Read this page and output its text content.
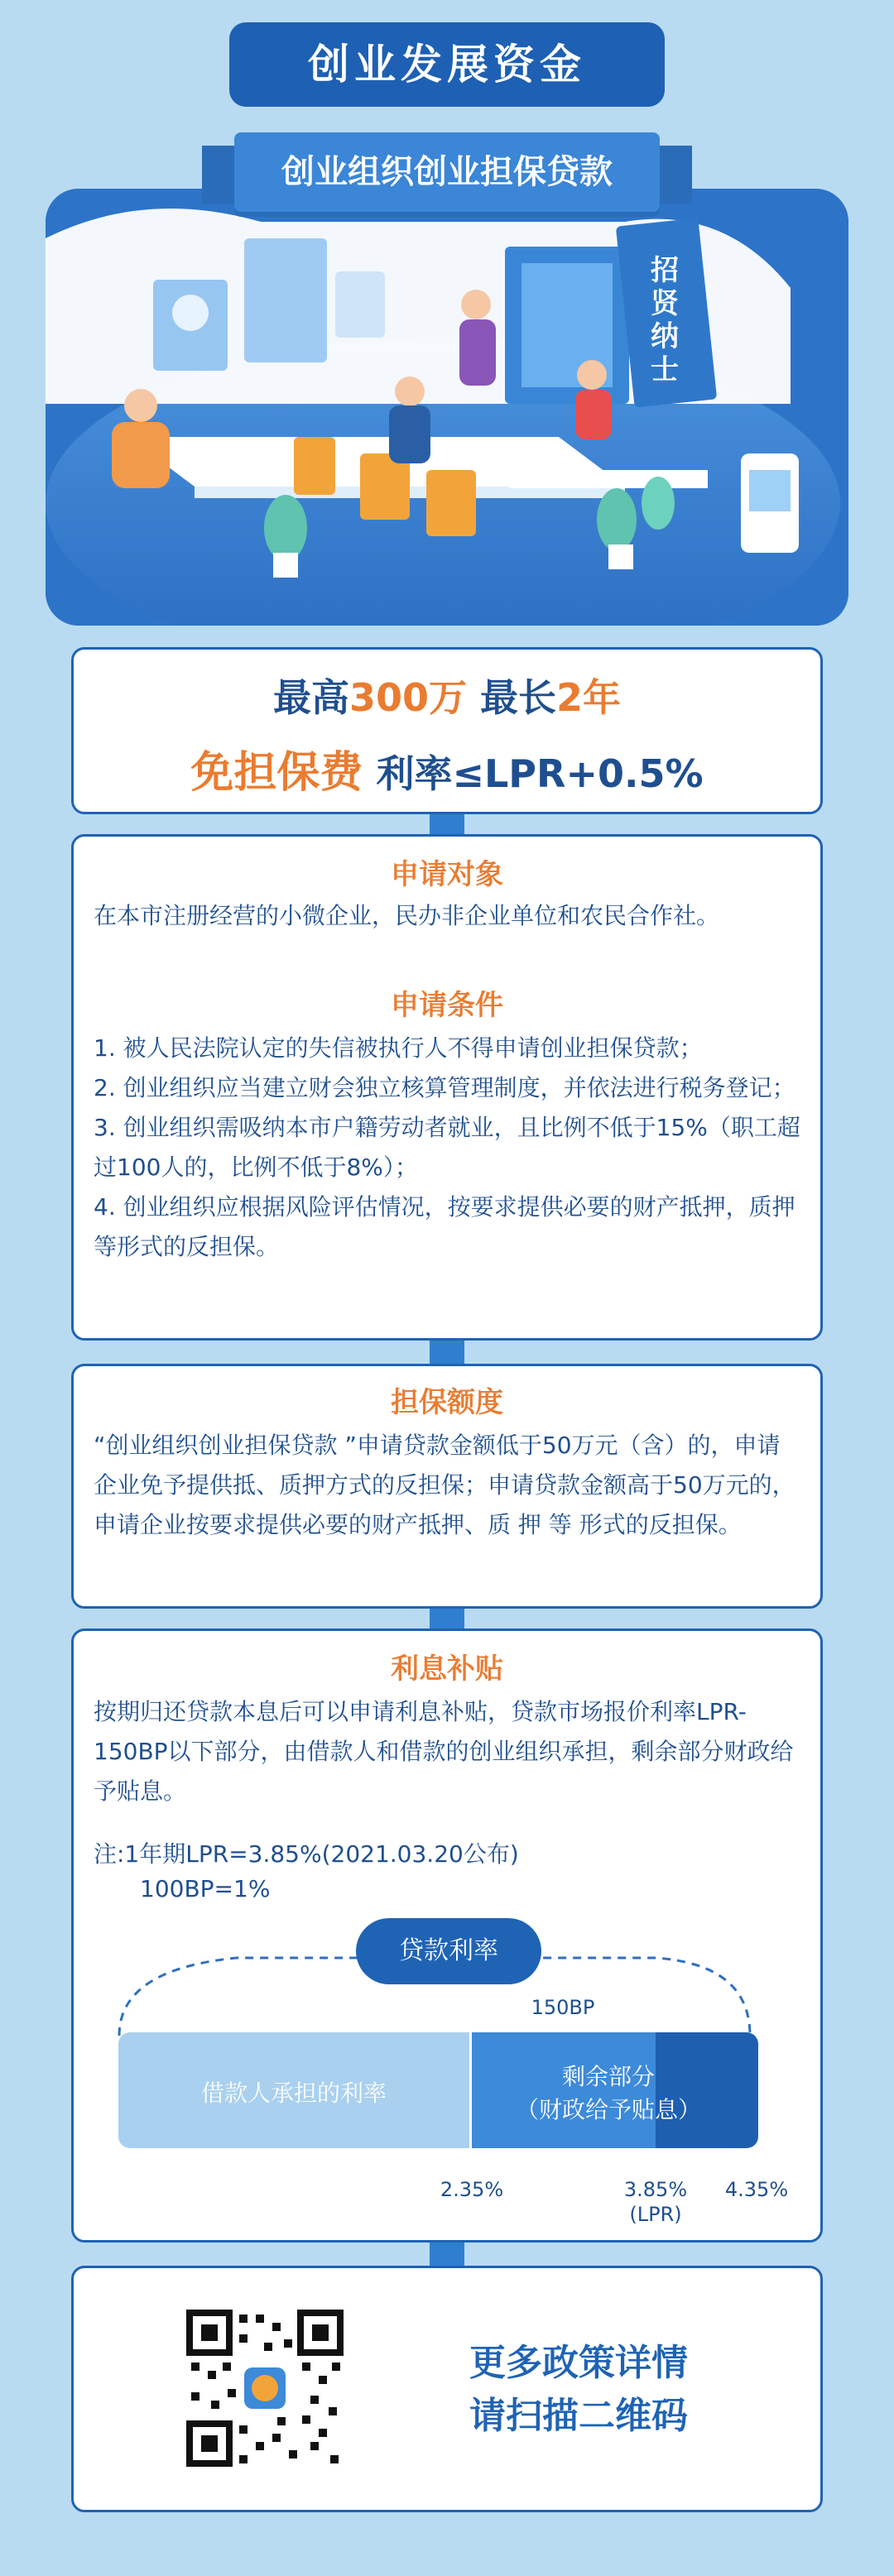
创业发展资金
招贤纳士
创业组织创业担保贷款
最高300万 最长2年
免担保费 利率≤LPR+0.5%
申请对象
在本市注册经营的小微企业，民办非企业单位和农民合作社。
申请条件
1. 被人民法院认定的失信被执行人不得申请创业担保贷款；
2. 创业组织应当建立财会独立核算管理制度，并依法进行税务登记；
3. 创业组织需吸纳本市户籍劳动者就业，且比例不低于15%（职工超过100人的，比例不低于8%）；
4. 创业组织应根据风险评估情况，按要求提供必要的财产抵押，质押等形式的反担保。
担保额度
“创业组织创业担保贷款 ”申请贷款金额低于50万元（含）的，申请企业免予提供抵、质押方式的反担保；申请贷款金额高于50万元的，申请企业按要求提供必要的财产抵押、质 押 等 形式的反担保。
利息补贴
按期归还贷款本息后可以申请利息补贴，贷款市场报价利率LPR-150BP以下部分，由借款人和借款的创业组织承担，剩余部分财政给予贴息。
注:1年期LPR=3.85%(2021.03.20公布)
100BP=1%
贷款利率
150BP
借款人承担的利率
剩余部分
（财政给予贴息）
2.35%	3.85%
(LPR)
4.35%
更多政策详情
请扫描二维码
